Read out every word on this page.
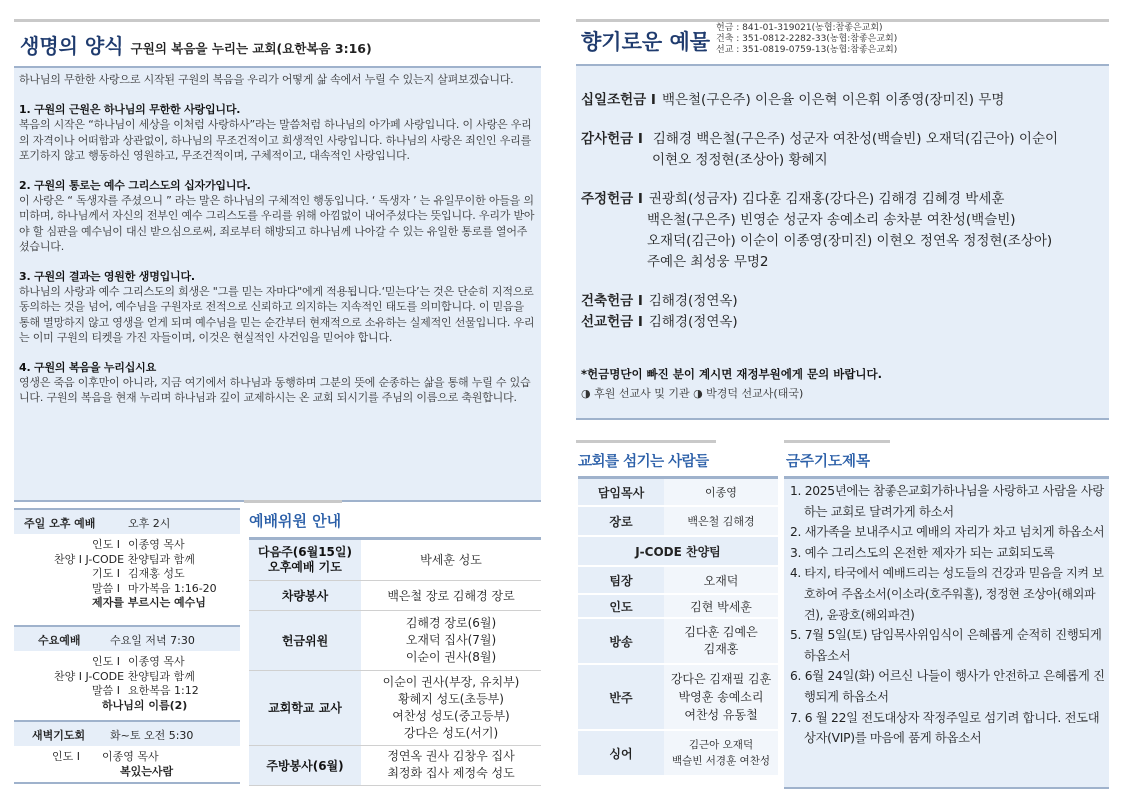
생명의 양식 구원의 복음을 누리는 교회(요한복음 3:16)

하나님의 무한한 사랑으로 시작된 구원의 복음을 우리가 어떻게 삶 속에서 누릴 수 있는지 살펴보겠습니다.

1. 구원의 근원은 하나님의 무한한 사랑입니다.

복음의 시작은 “하나님이 세상을 이처럼 사랑하사”라는 말씀처럼 하나님의 아가페 사랑입니다. 이 사랑은 우리의 자격이나 어떠함과 상관없이, 하나님의 무조건적이고 희생적인 사랑입니다. 하나님의 사랑은 죄인인 우리를 포기하지 않고 행동하신 영원하고, 무조건적이며, 구체적이고, 대속적인 사랑입니다.

2. 구원의 통로는 예수 그리스도의 십자가입니다.

이 사랑은 “ 독생자를 주셨으니 ” 라는 말은 하나님의 구체적인 행동입니다. ‘ 독생자 ’ 는 유일무이한 아들을 의미하며, 하나님께서 자신의 전부인 예수 그리스도를 우리를 위해 아낌없이 내어주셨다는 뜻입니다. 우리가 받아야 할 심판을 예수님이 대신 받으심으로써, 죄로부터 해방되고 하나님께 나아갈 수 있는 유일한 통로를 열어주셨습니다.

3. 구원의 결과는 영원한 생명입니다.

하나님의 사랑과 예수 그리스도의 희생은 "그를 믿는 자마다"에게 적용됩니다.‘믿는다’는 것은 단순히 지적으로 동의하는 것을 넘어, 예수님을 구원자로 전적으로 신뢰하고 의지하는 지속적인 태도를 의미합니다. 이 믿음을 통해 멸망하지 않고 영생을 얻게 되며 예수님을 믿는 순간부터 현재적으로 소유하는 실제적인 선물입니다. 우리는 이미 구원의 티켓을 가진 자들이며, 이것은 현실적인 사건임을 믿어야 합니다.

4. 구원의 복음을 누리십시요

영생은 죽음 이후만이 아니라, 지금 여기에서 하나님과 동행하며 그분의 뜻에 순종하는 삶을 통해 누릴 수 있습니다. 구원의 복음을 현재 누리며 하나님과 깊이 교제하시는 온 교회 되시기를 주님의 이름으로 축원합니다.

주일 오후 예배	오후 2시
인도 I 이종영 목사
찬양 I J-CODE 찬양팀과 함께
기도 I 김재홍 성도
말씀 I 마가복음 1:16-20
제자를 부르시는 예수님
수요예배	수요일 저녁 7:30
인도 I 이종영 목사
찬양 I J-CODE 찬양팀과 함께
말씀 I 요한복음 1:12
하나님의 이름(2)
새벽기도회 화~토 오전 5:30
인도 I	이종영 목사
복있는사람
예배위원 안내
다음주(6월15일)
오후예배 기도	박세훈 성도
차량봉사	백은철 장로 김해경 장로
헌금위원	김해경 장로(6월)
오재덕 집사(7월)
이순이 권사(8월)
교회학교 교사	이순이 권사(부장, 유치부)
황혜지 성도(초등부)
여찬성 성도(중고등부)
강다은 성도(서기)
주방봉사(6월)	정연옥 권사 김창우 집사
최정화 집사 제정숙 성도
향기로운 예물
헌금 : 841-01-319021(농협:참좋은교회)
건축 : 351-0812-2282-33(농협:참좋은교회)
선교 : 351-0819-0759-13(농협:참좋은교회)
십일조헌금 I 백은철(구은주) 이은율 이은혁 이은휘 이종영(장미진) 무명
감사헌금 I 김해경 백은철(구은주) 성군자 여찬성(백슬빈) 오재덕(김근아) 이순이
이현오 정정현(조상아) 황혜지
주정헌금 I 권광희(성금자) 김다훈 김재홍(강다은) 김해경 김혜경 박세훈
백은철(구은주) 빈영순 성군자 송예소리 송차분 여찬성(백슬빈)
오재덕(김근아) 이순이 이종영(장미진) 이현오 정연옥 정정현(조상아)
주예은 최성웅 무명2
건축헌금 I 김해경(정연옥)
선교헌금 I 김해경(정연옥)
*헌금명단이 빠진 분이 계시면 재정부원에게 문의 바랍니다.
◑ 후원 선교사 및 기관 ◑ 박경덕 선교사(태국)
교회를 섬기는 사람들
담임목사	이종영
장로	백은철 김해경
J-CODE 찬양팀	
팀장	오재덕
인도	김현 박세훈
방송	김다훈 김예은
김재홍
반주	강다은 김재필 김훈
박영훈 송예소리
여찬성 유동철
싱어	김근아 오재덕
백슬빈 서경훈 여찬성
금주기도제목
1. 2025년에는 참좋은교회가하나님을 사랑하고 사람을 사랑하는 교회로 달려가게 하소서
2. 새가족을 보내주시고 예배의 자리가 차고 넘치게 하옵소서
3. 예수 그리스도의 온전한 제자가 되는 교회되도록
4. 타지, 타국에서 예배드리는 성도들의 건강과 믿음을 지켜 보호하여 주옵소서(이소라(호주워홀), 정정현 조상아(해외파견), 윤광호(해외파견)
5. 7월 5일(토) 담임목사위임식이 은혜롭게 순적히 진행되게 하옵소서
6. 6월 24일(화) 어르신 나들이 행사가 안전하고 은혜롭게 진행되게 하옵소서
7. 6 월 22일 전도대상자 작정주일로 섬기려 합니다. 전도대상자(VIP)를 마음에 품게 하옵소서
